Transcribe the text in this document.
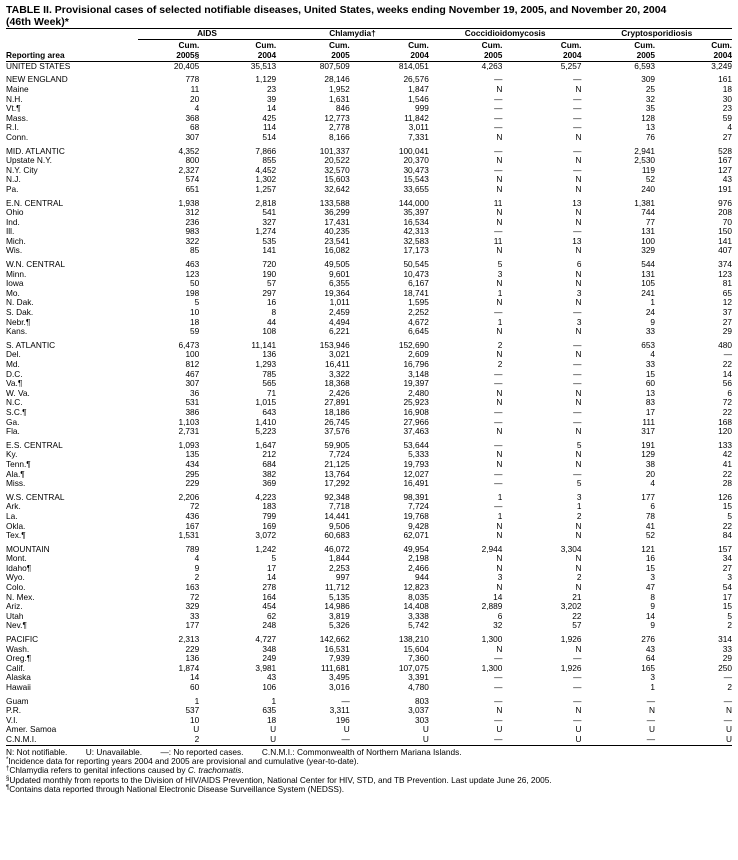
TABLE II. Provisional cases of selected notifiable diseases, United States, weeks ending November 19, 2005, and November 20, 2004
(46th Week)*
	AIDS		Chlamydia†		Coccidioidomycosis		Cryptosporidiosis	
	Cum.	Cum.	Cum.	Cum.	Cum.	Cum.	Cum.	Cum.
Reporting area	2005§	2004	2005	2004	2005	2004	2005	2004
UNITED STATES	20,405	35,513	807,509	814,051	4,263	5,257	6,593	3,249
NEW ENGLAND	778	1,129	28,146	26,576	—	—	309	161
Maine	11	23	1,952	1,847	N	N	25	18
N.H.	20	39	1,631	1,546	—	—	32	30
Vt.¶	4	14	846	999	—	—	35	23
Mass.	368	425	12,773	11,842	—	—	128	59
R.I.	68	114	2,778	3,011	—	—	13	4
Conn.	307	514	8,166	7,331	N	N	76	27
MID. ATLANTIC	4,352	7,866	101,337	100,041	—	—	2,941	528
Upstate N.Y.	800	855	20,522	20,370	N	N	2,530	167
N.Y. City	2,327	4,452	32,570	30,473	—	—	119	127
N.J.	574	1,302	15,603	15,543	N	N	52	43
Pa.	651	1,257	32,642	33,655	N	N	240	191
E.N. CENTRAL	1,938	2,818	133,588	144,000	11	13	1,381	976
Ohio	312	541	36,299	35,397	N	N	744	208
Ind.	236	327	17,431	16,534	N	N	77	70
Ill.	983	1,274	40,235	42,313	—	—	131	150
Mich.	322	535	23,541	32,583	11	13	100	141
Wis.	85	141	16,082	17,173	N	N	329	407
W.N. CENTRAL	463	720	49,505	50,545	5	6	544	374
Minn.	123	190	9,601	10,473	3	N	131	123
Iowa	50	57	6,355	6,167	N	N	105	81
Mo.	198	297	19,364	18,741	1	3	241	65
N. Dak.	5	16	1,011	1,595	N	N	1	12
S. Dak.	10	8	2,459	2,252	—	—	24	37
Nebr.¶	18	44	4,494	4,672	1	3	9	27
Kans.	59	108	6,221	6,645	N	N	33	29
S. ATLANTIC	6,473	11,141	153,946	152,690	2	—	653	480
Del.	100	136	3,021	2,609	N	N	4	—
Md.	812	1,293	16,411	16,796	2	—	33	22
D.C.	467	785	3,322	3,148	—	—	15	14
Va.¶	307	565	18,368	19,397	—	—	60	56
W. Va.	36	71	2,426	2,480	N	N	13	6
N.C.	531	1,015	27,891	25,923	N	N	83	72
S.C.¶	386	643	18,186	16,908	—	—	17	22
Ga.	1,103	1,410	26,745	27,966	—	—	111	168
Fla.	2,731	5,223	37,576	37,463	N	N	317	120
E.S. CENTRAL	1,093	1,647	59,905	53,644	—	5	191	133
Ky.	135	212	7,724	5,333	N	N	129	42
Tenn.¶	434	684	21,125	19,793	N	N	38	41
Ala.¶	295	382	13,764	12,027	—	—	20	22
Miss.	229	369	17,292	16,491	—	5	4	28
W.S. CENTRAL	2,206	4,223	92,348	98,391	1	3	177	126
Ark.	72	183	7,718	7,724	—	1	6	15
La.	436	799	14,441	19,768	1	2	78	5
Okla.	167	169	9,506	9,428	N	N	41	22
Tex.¶	1,531	3,072	60,683	62,071	N	N	52	84
MOUNTAIN	789	1,242	46,072	49,954	2,944	3,304	121	157
Mont.	4	5	1,844	2,198	N	N	16	34
Idaho¶	9	17	2,253	2,466	N	N	15	27
Wyo.	2	14	997	944	3	2	3	3
Colo.	163	278	11,712	12,823	N	N	47	54
N. Mex.	72	164	5,135	8,035	14	21	8	17
Ariz.	329	454	14,986	14,408	2,889	3,202	9	15
Utah	33	62	3,819	3,338	6	22	14	5
Nev.¶	177	248	5,326	5,742	32	57	9	2
PACIFIC	2,313	4,727	142,662	138,210	1,300	1,926	276	314
Wash.	229	348	16,531	15,604	N	N	43	33
Oreg.¶	136	249	7,939	7,360	—	—	64	29
Calif.	1,874	3,981	111,681	107,075	1,300	1,926	165	250
Alaska	14	43	3,495	3,391	—	—	3	—
Hawaii	60	106	3,016	4,780	—	—	1	2
Guam	1	1	—	803	—	—	—	—
P.R.	537	635	3,311	3,037	N	N	N	N
V.I.	10	18	196	303	—	—	—	—
Amer. Samoa	U	U	U	U	U	U	U	U
C.N.M.I.	2	U	—	U	—	U	—	U
N: Not notifiable.        U: Unavailable.        —: No reported cases.        C.N.M.I.: Commonwealth of Northern Mariana Islands.
*Incidence data for reporting years 2004 and 2005 are provisional and cumulative (year-to-date).
†Chlamydia refers to genital infections caused by C. trachomatis.
§Updated monthly from reports to the Division of HIV/AIDS Prevention, National Center for HIV, STD, and TB Prevention. Last update June 26, 2005.
¶Contains data reported through National Electronic Disease Surveillance System (NEDSS).
